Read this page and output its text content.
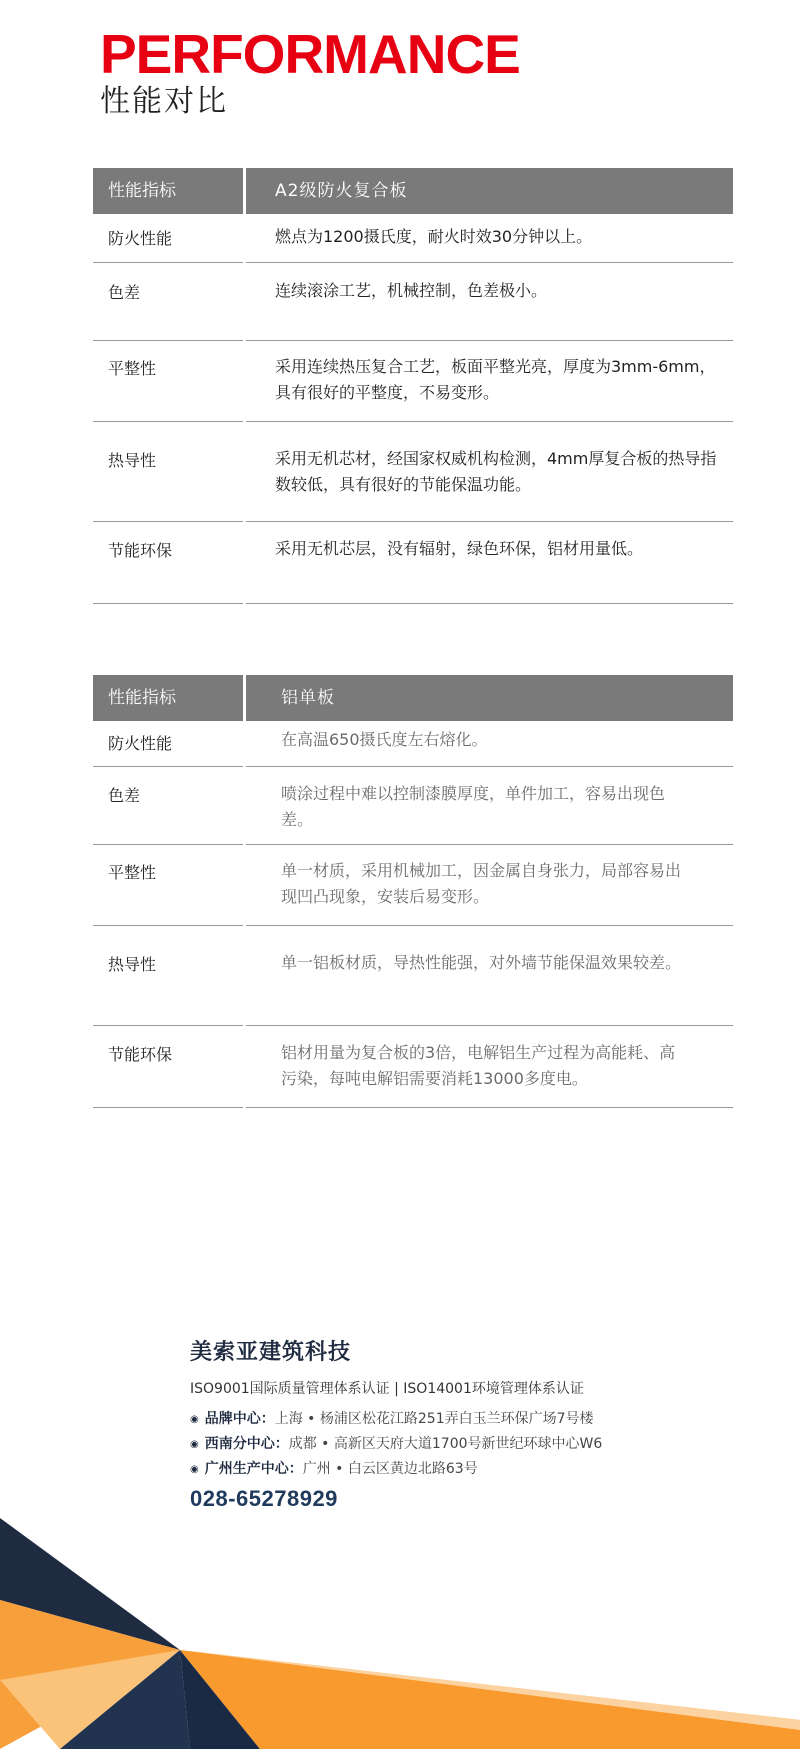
PERFORMANCE
性能对比
性能指标	A2级防火复合板
防火性能	燃点为1200摄氏度，耐火时效30分钟以上。
色差	连续滚涂工艺，机械控制，色差极小。
平整性	采用连续热压复合工艺，板面平整光亮，厚度为3mm-6mm，具有很好的平整度，不易变形。
热导性	采用无机芯材，经国家权威机构检测，4mm厚复合板的热导指数较低，具有很好的节能保温功能。
节能环保	采用无机芯层，没有辐射，绿色环保，铝材用量低。
性能指标	铝单板
防火性能	在高温650摄氏度左右熔化。
色差	喷涂过程中难以控制漆膜厚度，单件加工，容易出现色差。
平整性	单一材质，采用机械加工，因金属自身张力，局部容易出现凹凸现象，安装后易变形。
热导性	单一铝板材质，导热性能强，对外墙节能保温效果较差。
节能环保	铝材用量为复合板的3倍，电解铝生产过程为高能耗、高污染，每吨电解铝需要消耗13000多度电。
美索亚建筑科技
ISO9001国际质量管理体系认证 | ISO14001环境管理体系认证
◉ 品牌中心： 上海 • 杨浦区松花江路251弄白玉兰环保广场7号楼
◉ 西南分中心： 成都 • 高新区天府大道1700号新世纪环球中心W6
◉ 广州生产中心： 广州 • 白云区黄边北路63号
028-65278929
